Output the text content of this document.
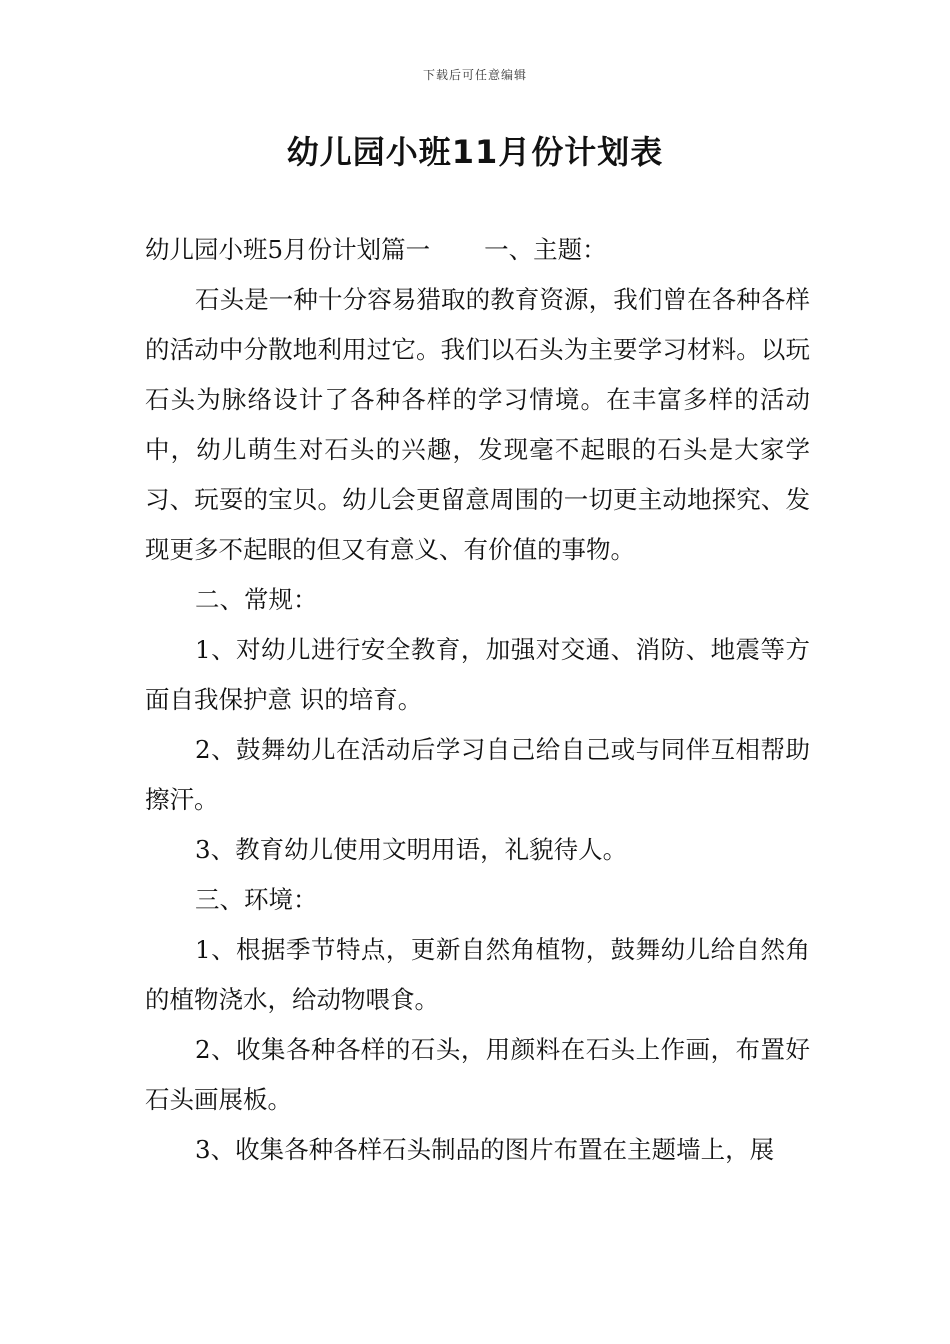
下载后可任意编辑
幼儿园小班11月份计划表

幼儿园小班5月份计划篇一 一、主题：

石头是一种十分容易猎取的教育资源，我们曾在各种各样的活动中分散地利用过它。我们以石头为主要学习材料。以玩石头为脉络设计了各种各样的学习情境。在丰富多样的活动中，幼儿萌生对石头的兴趣，发现毫不起眼的石头是大家学习、玩耍的宝贝。幼儿会更留意周围的一切更主动地探究、发现更多不起眼的但又有意义、有价值的事物。

二、常规：

1、对幼儿进行安全教育，加强对交通、消防、地震等方面自我保护意 识的培育。

2、鼓舞幼儿在活动后学习自己给自己或与同伴互相帮助擦汗。

3、教育幼儿使用文明用语，礼貌待人。

三、环境：

1、根据季节特点，更新自然角植物，鼓舞幼儿给自然角的植物浇水，给动物喂食。

2、收集各种各样的石头，用颜料在石头上作画，布置好石头画展板。

3、收集各种各样石头制品的图片布置在主题墙上，展
